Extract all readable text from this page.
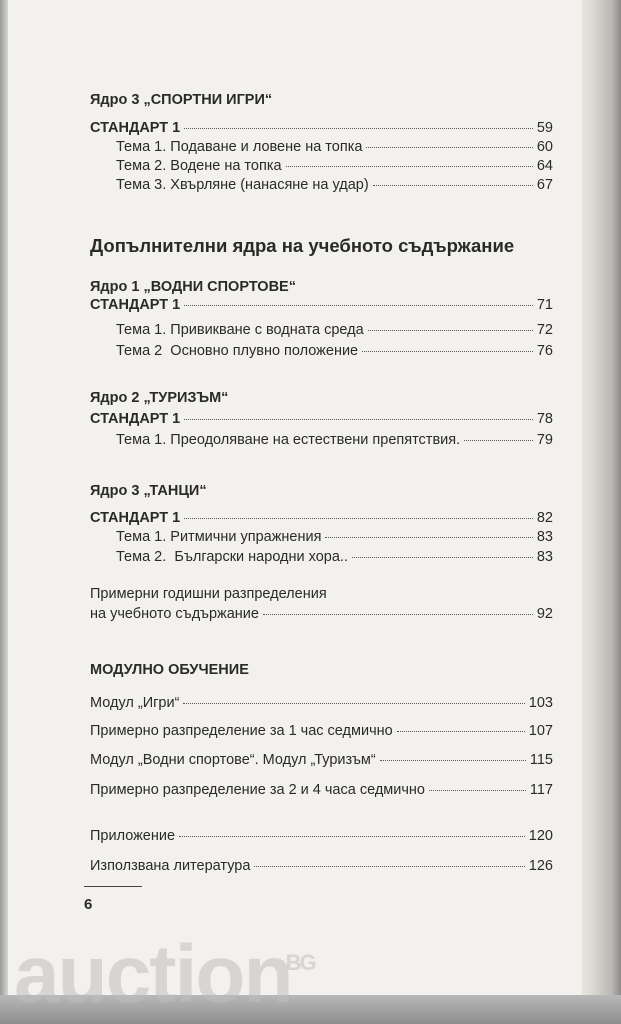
Ядро 3 „СПОРТНИ ИГРИ“
СТАНДАРТ 1	59
Тема 1. Подаване и ловене на топка	60
Тема 2. Водене на топка	64
Тема 3. Хвърляне (нанасяне на удар)	67
Допълнителни ядра на учебното съдържание
Ядро 1 „ВОДНИ СПОРТОВЕ“
СТАНДАРТ 1	71
Тема 1. Привикване с водната среда	72
Тема 2  Основно плувно положение	76
Ядро 2 „ТУРИЗЪМ“
СТАНДАРТ 1	78
Тема 1. Преодоляване на естествени препятствия.	79
Ядро 3 „ТАНЦИ“
СТАНДАРТ 1	82
Тема 1. Ритмични упражнения	83
Тема 2.  Български народни хора..	83
Примерни годишни разпределения
на учебното съдържание	92
МОДУЛНО ОБУЧЕНИЕ
Модул „Игри“	103
Примерно разпределение за 1 час седмично	107
Модул „Водни спортове“. Модул „Туризъм“	115
Примерно разпределение за 2 и 4 часа седмично	117
Приложение	120
Използвана литература	126
6
auction$^{BG}$
